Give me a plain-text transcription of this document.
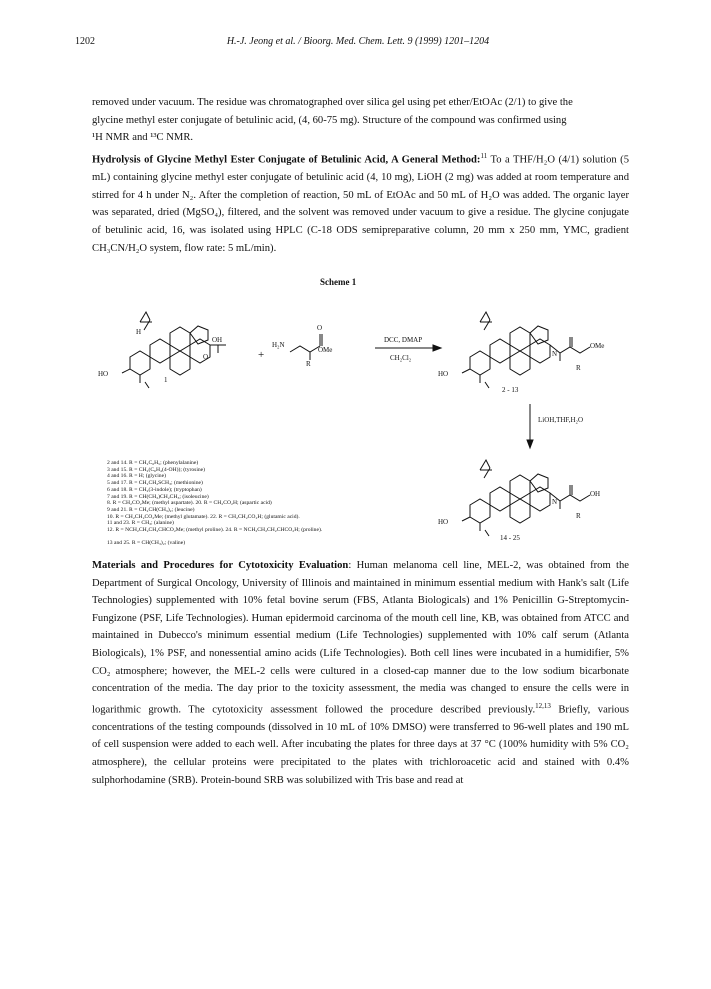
1202	H.-J. Jeong et al. / Bioorg. Med. Chem. Lett. 9 (1999) 1201–1204
removed under vacuum. The residue was chromatographed over silica gel using pet ether/EtOAc (2/1) to give the
glycine methyl ester conjugate of betulinic acid, (4, 60-75 mg). Structure of the compound was confirmed using
¹H NMR and ¹³C NMR.
Hydrolysis of Glycine Methyl Ester Conjugate of Betulinic Acid, A General Method:$^{11}$ To a THF/H₂O (4/1) solution (5 mL) containing glycine methyl ester conjugate of betulinic acid (4, 10 mg), LiOH (2 mg) was added at room temperature and stirred for 4 h under N₂. After the completion of reaction, 50 mL of EtOAc and 50 mL of H₂O was added. The organic layer was separated, dried (MgSO₄), filtered, and the solvent was removed under vacuum to give a residue. The glycine conjugate of betulinic acid, 16, was isolated using HPLC (C-18 ODS semipreparative column, 20 mm x 250 mm, YMC, gradient CH₃CN/H₂O system, flow rate: 5 mL/min).
Scheme 1
OH
O
HO
H
1
+
H₂N
OMe
O
R
DCC, DMAP
CH₂Cl₂
HO
N
OMe
R
2 - 13
LiOH,THF,H₂O
HO
N
OH
R
14 - 25
2 and 14. R = CH₂C₆H₅; (phenylalanine)
3 and 15. R = CH₂(C₆H₄(4-OH)); (tyrosine)
4 and 16. R = H; (glycine)
5 and 17. R = CH₂CH₂SCH₃; (methionine)
6 and 18. R = CH₂(3-indole); (tryptophan)
7 and 19. R = CH(CH₃)CH₂CH₃; (isoleucine)
8. R = CH₂CO₂Me; (methyl aspartate). 20. R = CH₂CO₂H; (aspartic acid)
9 and 21. R = CH₂CH(CH₃)₂; (leucine)
10. R = CH₂CH₂CO₂Me; (methyl glutamate). 22. R = CH₂CH₂CO₂H; (glutamic acid).
11 and 23. R = CH₃; (alanine)
12. R = NCH₂CH₂CH₂CHCO₂Me; (methyl proline). 24. R = NCH₂CH₂CH₂CHCO₂H; (proline).
13 and 25. R = CH(CH₃)₂; (valine)
Materials and Procedures for Cytotoxicity Evaluation: Human melanoma cell line, MEL-2, was obtained from the Department of Surgical Oncology, University of Illinois and maintained in minimum essential medium with Hank's salt (Life Technologies) supplemented with 10% fetal bovine serum (FBS, Atlanta Biologicals) and 1% Penicillin G-Streptomycin-Fungizone (PSF, Life Technologies). Human epidermoid carcinoma of the mouth cell line, KB, was obtained from ATCC and maintained in Dubecco's minimum essential medium (Life Technologies) supplemented with 10% calf serum (Atlanta Biologicals), 1% PSF, and nonessential amino acids (Life Technologies). Both cell lines were incubated in a humidifier, 5% CO₂ atmosphere; however, the MEL-2 cells were cultured in a closed-cap manner due to the low sodium bicarbonate concentration of the media. The day prior to the toxicity assessment, the media was changed to ensure the cells were in logarithmic growth. The cytotoxicity assessment followed the procedure described previously.$^{12,13}$ Briefly, various concentrations of the testing compounds (dissolved in 10 mL of 10% DMSO) were transferred to 96-well plates and 190 mL of cell suspension were added to each well. After incubating the plates for three days at 37 °C (100% humidity with 5% CO₂ atmosphere), the cellular proteins were precipitated to the plates with trichloroacetic acid and stained with 0.4% sulphorhodamine (SRB). Protein-bound SRB was solubilized with Tris base and read at
